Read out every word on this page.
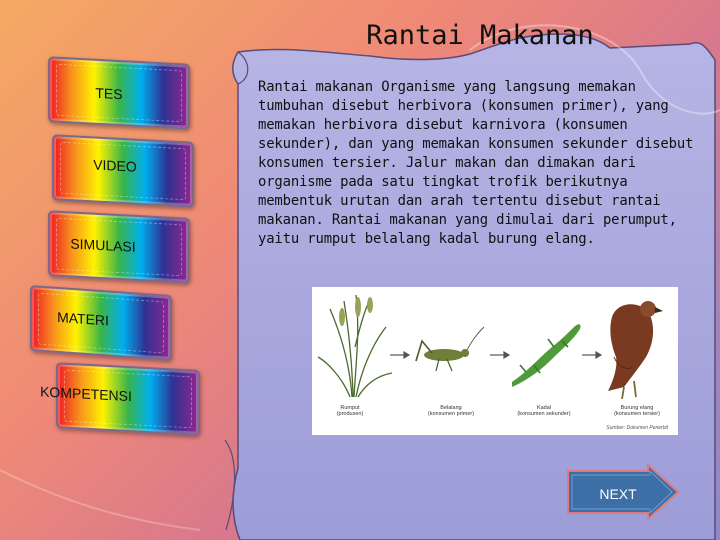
Rantai Makanan
TES
VIDEO
SIMULASI
MATERI
KOMPETENSI
Rantai makanan Organisme yang langsung memakan tumbuhan disebut herbivora (konsumen primer), yang memakan herbivora disebut karnivora (konsumen sekunder), dan yang memakan konsumen sekunder disebut konsumen tersier. Jalur makan dan dimakan dari organisme pada satu tingkat trofik berikutnya membentuk urutan dan arah tertentu disebut rantai makanan. Rantai makanan yang dimulai dari perumput, yaitu rumput belalang kadal burung elang.
Rumput
(produsen)
Belalang
(konsumen primer)
Kadal
(konsumen sekunder)
Burung elang
(konsumen tersier)
Sumber: Dokumen Penerbit
NEXT
